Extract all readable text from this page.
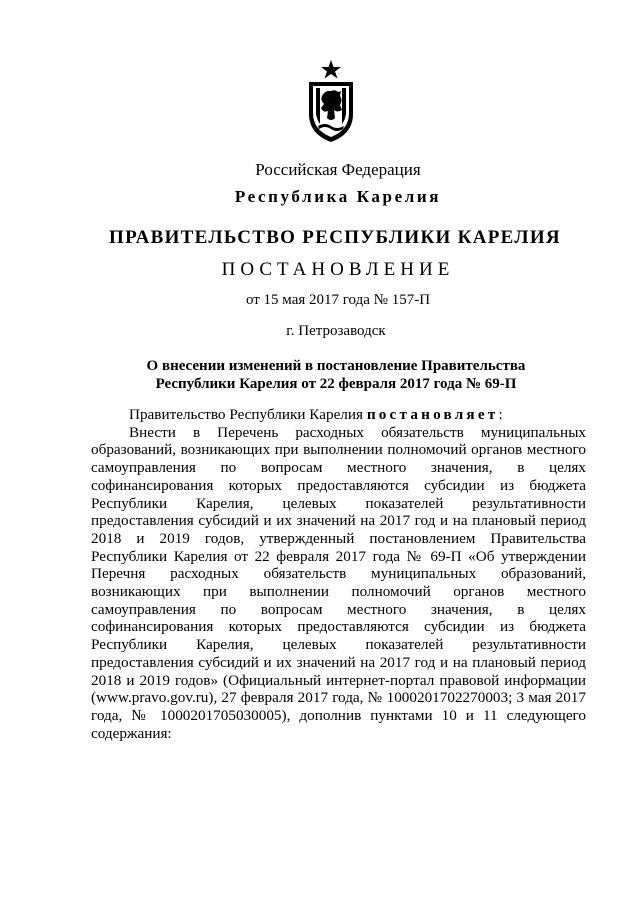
Российская Федерация
Республика Карелия
ПРАВИТЕЛЬСТВО РЕСПУБЛИКИ КАРЕЛИЯ
ПОСТАНОВЛЕНИЕ
от 15 мая 2017 года № 157-П
г. Петрозаводск
О внесении изменений в постановление Правительства
Республики Карелия от 22 февраля 2017 года № 69-П

Правительство Республики Карелия постановляет:

Внести в Перечень расходных обязательств муниципальных образований, возникающих при выполнении полномочий органов местного самоуправления по вопросам местного значения, в целях софинансирования которых предоставляются субсидии из бюджета Республики Карелия, целевых показателей результативности предоставления субсидий и их значений на 2017 год и на плановый период 2018 и 2019 годов, утвержденный постановлением Правительства Республики Карелия от 22 февраля 2017 года № 69-П «Об утверждении Перечня расходных обязательств муниципальных образований, возникающих при выполнении полномочий органов местного самоуправления по вопросам местного значения, в целях софинансирования которых предоставляются субсидии из бюджета Республики Карелия, целевых показателей результативности предоставления субсидий и их значений на 2017 год и на плановый период 2018 и 2019 годов» (Официальный интернет-портал правовой информации (www.pravo.gov.ru), 27 февраля 2017 года, № 1000201702270003; 3 мая 2017 года, № 1000201705030005), дополнив пунктами 10 и 11 следующего содержания:
